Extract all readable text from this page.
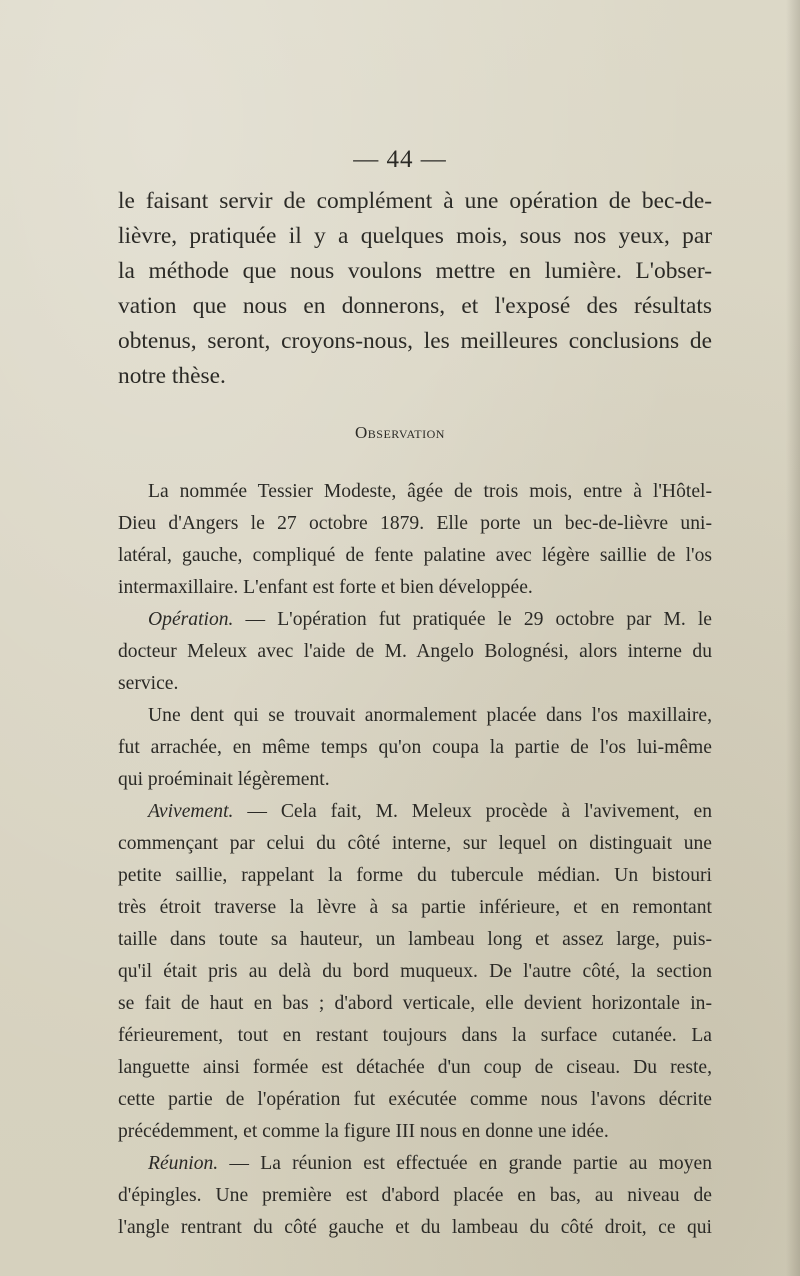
— 44 —
le faisant servir de complément à une opération de bec-de-
lièvre, pratiquée il y a quelques mois, sous nos yeux, par
la méthode que nous voulons mettre en lumière. L'obser-
vation que nous en donnerons, et l'exposé des résultats
obtenus, seront, croyons-nous, les meilleures conclusions de
notre thèse.
Observation
La nommée Tessier Modeste, âgée de trois mois, entre à l'Hôtel-
Dieu d'Angers le 27 octobre 1879. Elle porte un bec-de-lièvre uni-
latéral, gauche, compliqué de fente palatine avec légère saillie de l'os
intermaxillaire. L'enfant est forte et bien développée.
Opération. — L'opération fut pratiquée le 29 octobre par M. le
docteur Meleux avec l'aide de M. Angelo Bolognési, alors interne du
service.
Une dent qui se trouvait anormalement placée dans l'os maxillaire,
fut arrachée, en même temps qu'on coupa la partie de l'os lui-même
qui proéminait légèrement.
Avivement. — Cela fait, M. Meleux procède à l'avivement, en
commençant par celui du côté interne, sur lequel on distinguait une
petite saillie, rappelant la forme du tubercule médian. Un bistouri
très étroit traverse la lèvre à sa partie inférieure, et en remontant
taille dans toute sa hauteur, un lambeau long et assez large, puis-
qu'il était pris au delà du bord muqueux. De l'autre côté, la section
se fait de haut en bas ; d'abord verticale, elle devient horizontale in-
férieurement, tout en restant toujours dans la surface cutanée. La
languette ainsi formée est détachée d'un coup de ciseau. Du reste,
cette partie de l'opération fut exécutée comme nous l'avons décrite
précédemment, et comme la figure III nous en donne une idée.
Réunion. — La réunion est effectuée en grande partie au moyen
d'épingles. Une première est d'abord placée en bas, au niveau de
l'angle rentrant du côté gauche et du lambeau du côté droit, ce qui
